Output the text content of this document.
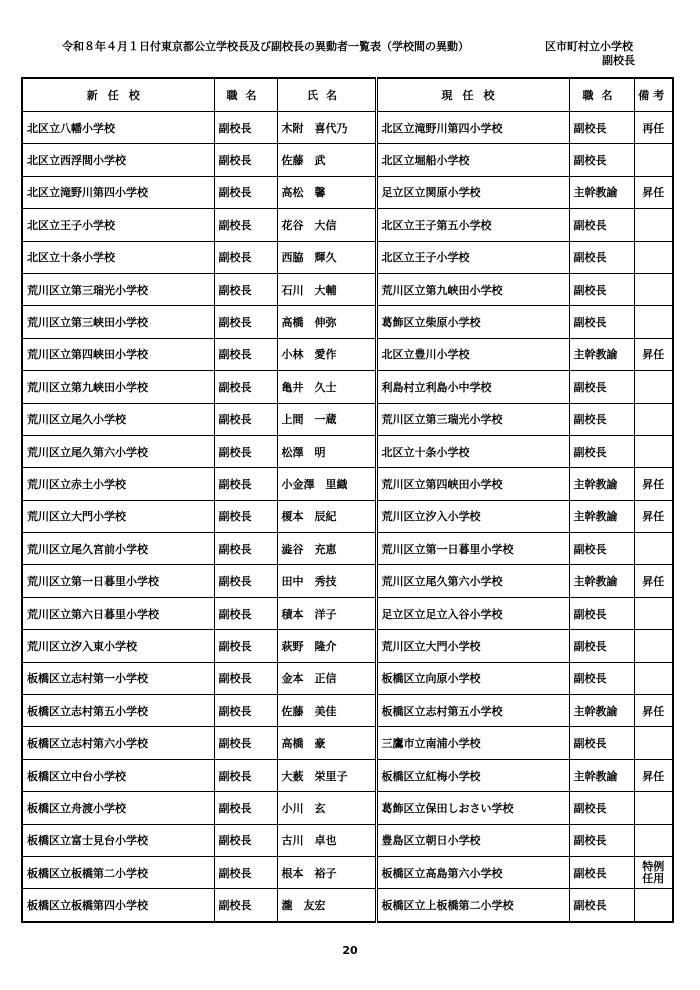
令和８年４月１日付東京都公立学校長及び副校長の異動者一覧表（学校間の異動）	区市町村立小学校
副校長
新任校	職名	氏名	現任校	職名	備考
北区立八幡小学校	副校長	木附　喜代乃	北区立滝野川第四小学校	副校長	再任
北区立西浮間小学校	副校長	佐藤　武	北区立堀船小学校	副校長	
北区立滝野川第四小学校	副校長	高松　馨	足立区立関原小学校	主幹教諭	昇任
北区立王子小学校	副校長	花谷　大信	北区立王子第五小学校	副校長	
北区立十条小学校	副校長	西脇　輝久	北区立王子小学校	副校長	
荒川区立第三瑞光小学校	副校長	石川　大輔	荒川区立第九峡田小学校	副校長	
荒川区立第三峡田小学校	副校長	高橋　伸弥	葛飾区立柴原小学校	副校長	
荒川区立第四峡田小学校	副校長	小林　愛作	北区立豊川小学校	主幹教諭	昇任
荒川区立第九峡田小学校	副校長	亀井　久士	利島村立利島小中学校	副校長	
荒川区立尾久小学校	副校長	上間　一蔵	荒川区立第三瑞光小学校	副校長	
荒川区立尾久第六小学校	副校長	松澤　明	北区立十条小学校	副校長	
荒川区立赤土小学校	副校長	小金澤　里織	荒川区立第四峡田小学校	主幹教諭	昇任
荒川区立大門小学校	副校長	榎本　辰紀	荒川区立汐入小学校	主幹教諭	昇任
荒川区立尾久宮前小学校	副校長	澁谷　充恵	荒川区立第一日暮里小学校	副校長	
荒川区立第一日暮里小学校	副校長	田中　秀技	荒川区立尾久第六小学校	主幹教諭	昇任
荒川区立第六日暮里小学校	副校長	積本　洋子	足立区立足立入谷小学校	副校長	
荒川区立汐入東小学校	副校長	萩野　隆介	荒川区立大門小学校	副校長	
板橋区立志村第一小学校	副校長	金本　正信	板橋区立向原小学校	副校長	
板橋区立志村第五小学校	副校長	佐藤　美佳	板橋区立志村第五小学校	主幹教諭	昇任
板橋区立志村第六小学校	副校長	高橋　豪	三鷹市立南浦小学校	副校長	
板橋区立中台小学校	副校長	大薮　栄里子	板橋区立紅梅小学校	主幹教諭	昇任
板橋区立舟渡小学校	副校長	小川　玄	葛飾区立保田しおさい学校	副校長	
板橋区立富士見台小学校	副校長	古川　卓也	豊島区立朝日小学校	副校長	
板橋区立板橋第二小学校	副校長	根本　裕子	板橋区立高島第六小学校	副校長	特例任用
板橋区立板橋第四小学校	副校長	瀧　友宏	板橋区立上板橋第二小学校	副校長	
20
